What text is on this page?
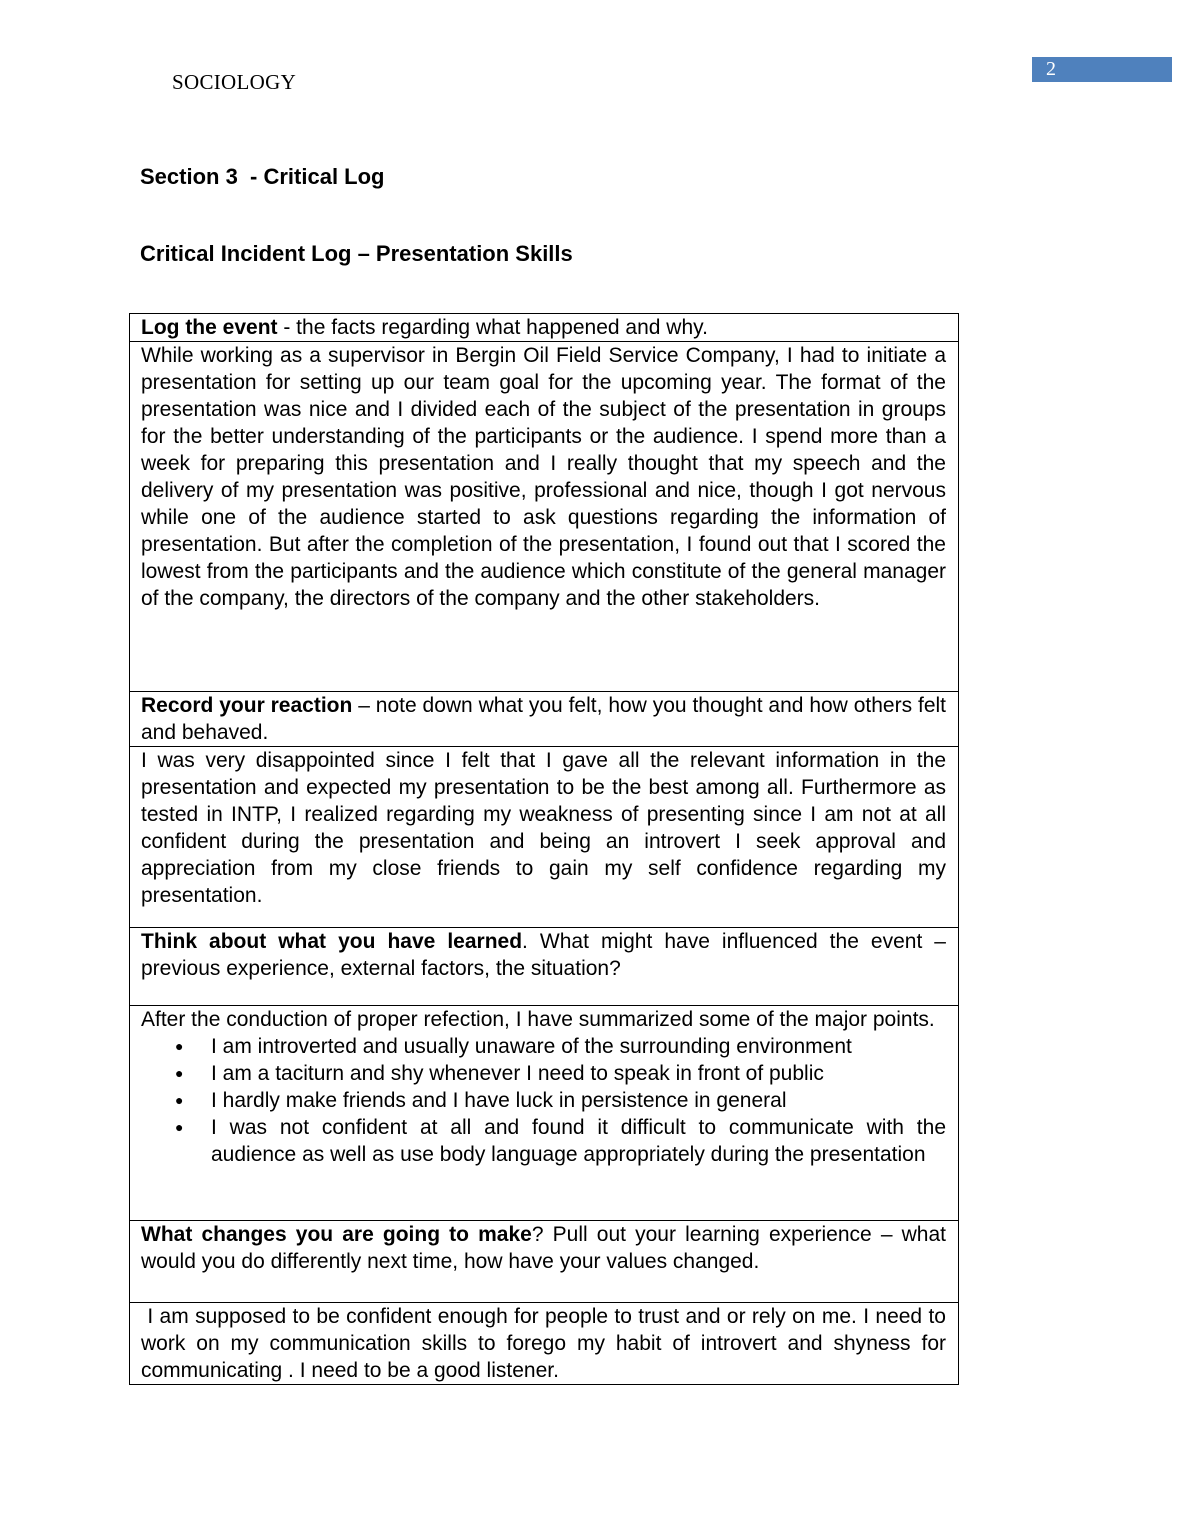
SOCIOLOGY
2
Section 3  - Critical Log
Critical Incident Log – Presentation Skills
Log the event - the facts regarding what happened and why.
While working as a supervisor in Bergin Oil Field Service Company, I had to initiate a presentation for setting up our team goal for the upcoming year. The format of the presentation was nice and I divided each of the subject of the presentation in groups for the better understanding of the participants or the audience. I spend more than a week for preparing this presentation and I really thought that my speech and the delivery of my presentation was positive, professional and nice, though I got nervous while one of the audience started to ask questions regarding the information of presentation. But after the completion of the presentation, I found out that I scored the lowest from the participants and the audience which constitute of the general manager of the company, the directors of the company and the other stakeholders.
Record your reaction – note down what you felt, how you thought and how others felt and behaved.
I was very disappointed since I felt that I gave all the relevant information in the presentation and expected my presentation to be the best among all. Furthermore as tested in INTP, I realized regarding my weakness of presenting since I am not at all confident during the presentation and being an introvert I seek approval and appreciation from my close friends to gain my self confidence regarding my presentation.
Think about what you have learned. What might have influenced the event – previous experience, external factors, the situation?

After the conduction of proper refection, I have summarized some of the major points.
● I am introverted and usually unaware of the surrounding environment
● I am a taciturn and shy whenever I need to speak in front of public
● I hardly make friends and I have luck in persistence in general
● I was not confident at all and found it difficult to communicate with the audience as well as use body language appropriately during the presentation

What changes you are going to make? Pull out your learning experience – what would you do differently next time, how have your values changed.
I am supposed to be confident enough for people to trust and or rely on me. I need to work on my communication skills to forego my habit of introvert and shyness for communicating . I need to be a good listener.
